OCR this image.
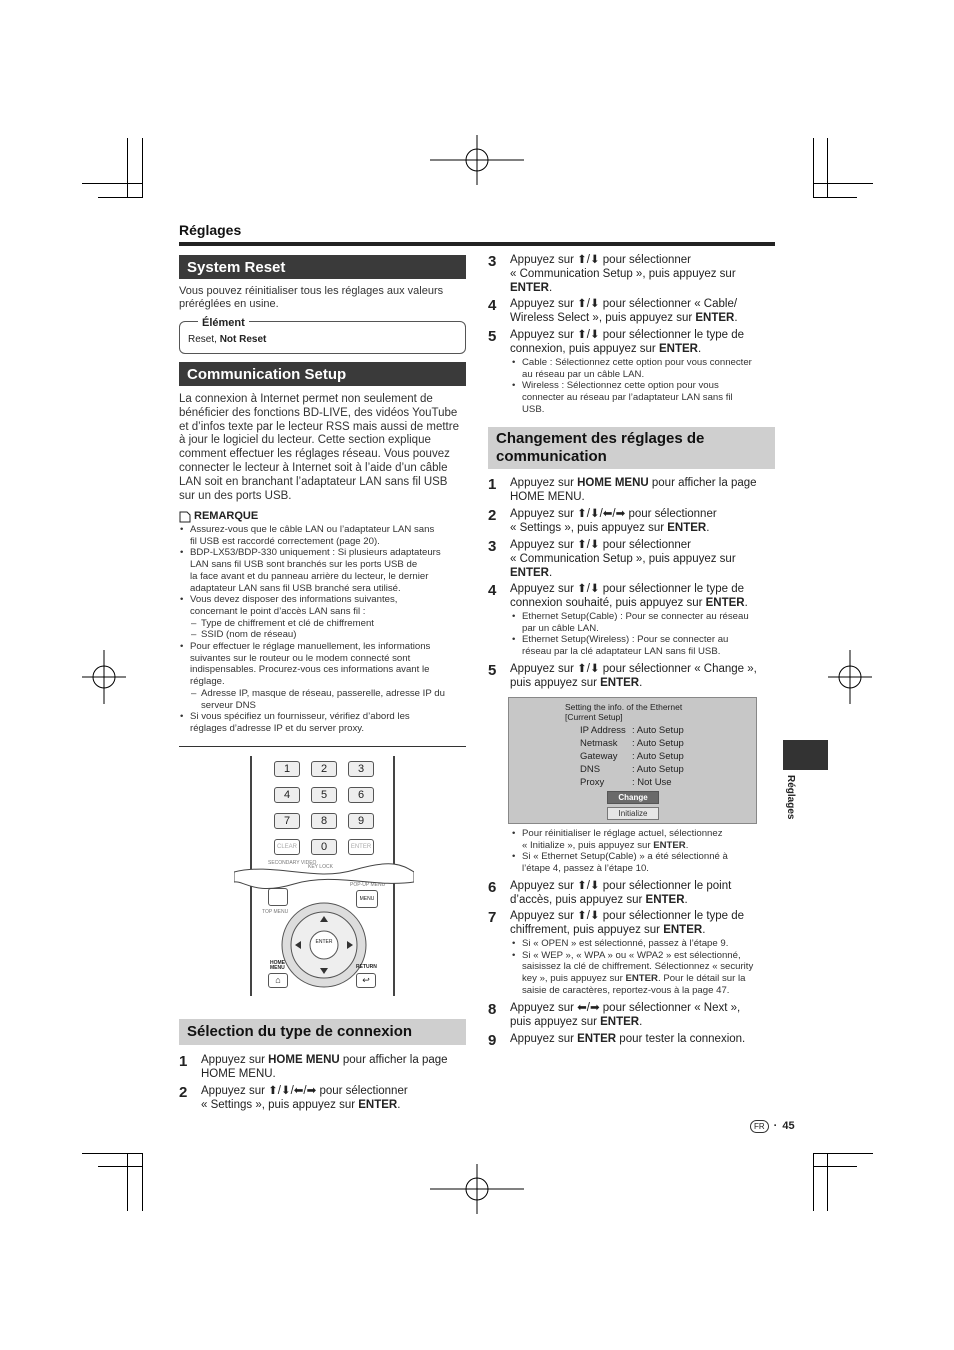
Réglages
System Reset
Vous pouvez réinitialiser tous les réglages aux valeurs préréglées en usine.
Élément
Reset, Not Reset
Communication Setup
La connexion à Internet permet non seulement de
bénéficier des fonctions BD-LIVE, des vidéos YouTube
et d’infos texte par le lecteur RSS mais aussi de mettre
à jour le logiciel du lecteur. Cette section explique
comment effectuer les réglages réseau. Vous pouvez
connecter le lecteur à Internet soit à l’aide d’un câble
LAN soit en branchant l’adaptateur LAN sans fil USB
sur un des ports USB.
REMARQUE
• Assurez-vous que le câble LAN ou l’adaptateur LAN sans
fil USB est raccordé correctement (page 20).
• BDP-LX53/BDP-330 uniquement : Si plusieurs adaptateurs
LAN sans fil USB sont branchés sur les ports USB de
la face avant et du panneau arrière du lecteur, le dernier
adaptateur LAN sans fil USB branché sera utilisé.
• Vous devez disposer des informations suivantes,
concernant le point d’accès LAN sans fil :
– Type de chiffrement et clé de chiffrement
– SSID (nom de réseau)
• Pour effectuer le réglage manuellement, les informations
suivantes sur le routeur ou le modem connecté sont
indispensables. Procurez-vous ces informations avant le
réglage.
– Adresse IP, masque de réseau, passerelle, adresse IP du
serveur DNS
• Si vous spécifiez un fournisseur, vérifiez d’abord les
réglages d’adresse IP et du server proxy.
SECONDARY VIDEO
KEY LOCK
POP-UP MENU
TOP MENU
MENU
ENTER
HOME MENU	RETURN
⌂	↩
1	2	3
4	5	6
7	8	9
CLEAR	0	ENTER
Sélection du type de connexion
1	Appuyez sur HOME MENU pour afficher la page
HOME MENU.
2	Appuyez sur ⬆/⬇/⬅/➡ pour sélectionner
« Settings », puis appuyez sur ENTER.
3	Appuyez sur ⬆/⬇ pour sélectionner
« Communication Setup », puis appuyez sur
ENTER.
4	Appuyez sur ⬆/⬇ pour sélectionner « Cable/
Wireless Select », puis appuyez sur ENTER.
5	Appuyez sur ⬆/⬇ pour sélectionner le type de
connexion, puis appuyez sur ENTER.
• Cable : Sélectionnez cette option pour vous connecter
au réseau par un câble LAN.
• Wireless : Sélectionnez cette option pour vous
connecter au réseau par l’adaptateur LAN sans fil
USB.
Changement des réglages de
communication
1	Appuyez sur HOME MENU pour afficher la page
HOME MENU.
2	Appuyez sur ⬆/⬇/⬅/➡ pour sélectionner
« Settings », puis appuyez sur ENTER.
3	Appuyez sur ⬆/⬇ pour sélectionner
« Communication Setup », puis appuyez sur
ENTER.
4	Appuyez sur ⬆/⬇ pour sélectionner le type de
connexion souhaité, puis appuyez sur ENTER.
• Ethernet Setup(Cable) : Pour se connecter au réseau
par un câble LAN.
• Ethernet Setup(Wireless) : Pour se connecter au
réseau par la clé adaptateur LAN sans fil USB.
5	Appuyez sur ⬆/⬇ pour sélectionner « Change »,
puis appuyez sur ENTER.
Setting the info. of the Ethernet
[Current Setup]
IP Address : Auto Setup
Netmask : Auto Setup
Gateway : Auto Setup
DNS	: Auto Setup
Proxy	: Not Use
Change
Initialize
• Pour réinitialiser le réglage actuel, sélectionnez
« Initialize », puis appuyez sur ENTER.
• Si « Ethernet Setup(Cable) » a été sélectionné à
l’étape 4, passez à l’étape 10.
6	Appuyez sur ⬆/⬇ pour sélectionner le point
d’accès, puis appuyez sur ENTER.
7	Appuyez sur ⬆/⬇ pour sélectionner le type de
chiffrement, puis appuyez sur ENTER.
• Si « OPEN » est sélectionné, passez à l’étape 9.
• Si « WEP », « WPA » ou « WPA2 » est sélectionné,
saisissez la clé de chiffrement. Sélectionnez « security
key », puis appuyez sur ENTER. Pour le détail sur la
saisie de caractères, reportez-vous à la page 47.
8	Appuyez sur ⬅/➡ pour sélectionner « Next »,
puis appuyez sur ENTER.
9	Appuyez sur ENTER pour tester la connexion.
Réglages
FR · 45
